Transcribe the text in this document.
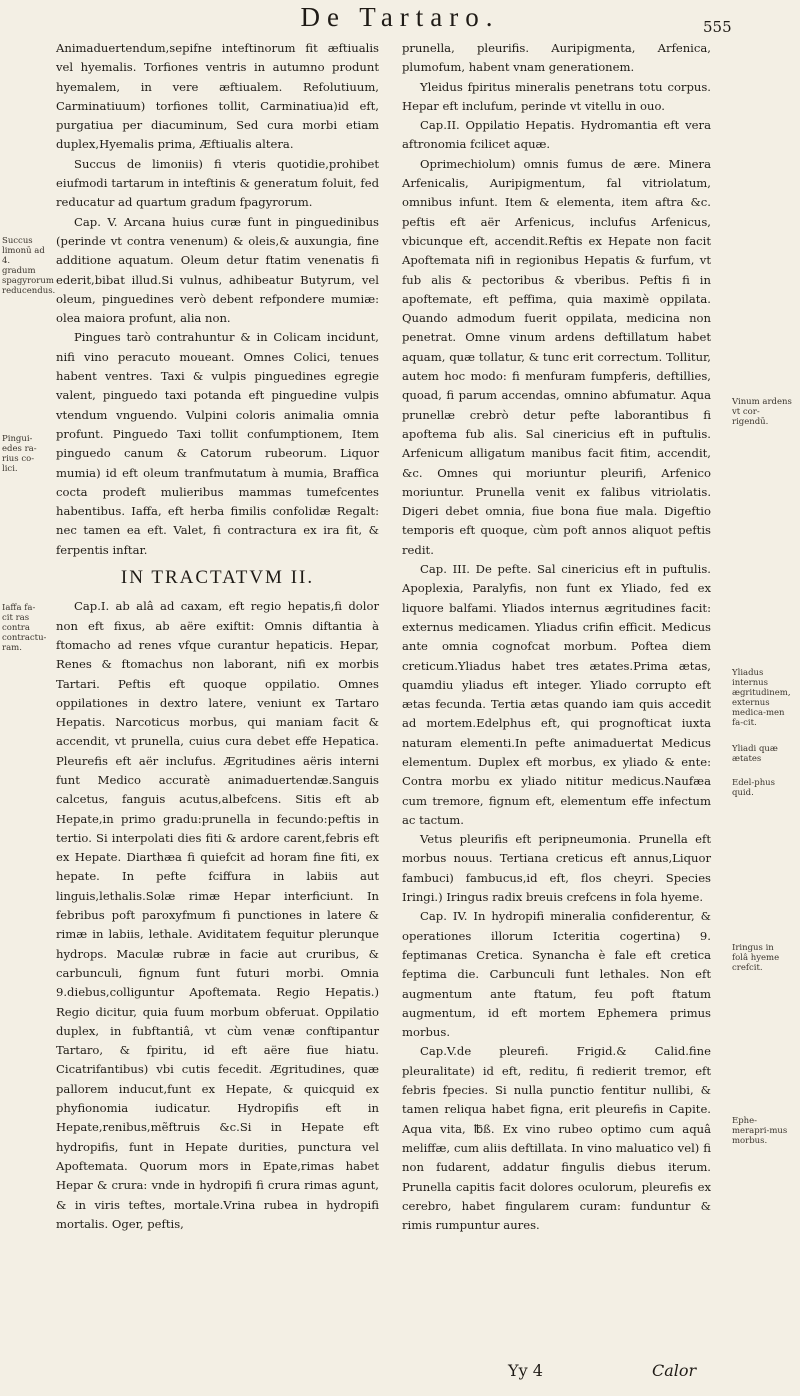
De Tartaro.	555

Animaduertendum,sepifne inteftinorum fit æftiualis vel hyemalis. Torfiones ventris in autumno produnt hyemalem, in vere æftiualem. Refolutiuum, Carminatiuum) torfiones tollit, Carminatiua)id eft, purgatiua per diacuminum, Sed cura morbi etiam duplex,Hyemalis prima, Æftiualis altera.

Succus de limoniis) fi vteris quotidie,prohibet eiufmodi tartarum in inteftinis & generatum foluit, fed reducatur ad quartum gradum fpagyrorum.

Cap. V. Arcana huius curæ funt in pinguedinibus (perinde vt contra venenum) & oleis,& auxungia, fine additione aquatum. Oleum detur ftatim venenatis fi ederit,bibat illud.Si vulnus, adhibeatur Butyrum, vel oleum, pinguedines verò debent refpondere mumiæ: olea maiora profunt, alia non.

Pingues tarò contrahuntur & in Colicam incidunt, nifi vino peracuto moueant. Omnes Colici, tenues habent ventres. Taxi & vulpis pinguedines egregie valent, pinguedo taxi potanda eft pinguedine vulpis vtendum vnguendo. Vulpini coloris animalia omnia profunt. Pinguedo Taxi tollit confumptionem, Item pinguedo canum & Catorum rubeorum. Liquor mumia) id eft oleum tranfmutatum à mumia, Braffica cocta prodeft mulieribus mammas tumefcentes habentibus. Iaffa, eft herba fimilis confolidæ Regalt: nec tamen ea eft. Valet, fi contractura ex ira fit, & ferpentis inftar.

IN TRACTATVM II.

Cap.I. ab alâ ad caxam, eft regio hepatis,fi dolor non eft fixus, ab aëre exiftit: Omnis diftantia à ftomacho ad renes vfque curantur hepaticis. Hepar, Renes & ftomachus non laborant, nifi ex morbis Tartari. Peftis eft quoque oppilatio. Omnes oppilationes in dextro latere, veniunt ex Tartaro Hepatis. Narcoticus morbus, qui maniam facit & accendit, vt prunella, cuius cura debet effe Hepatica. Pleurefis eft aër inclufus. Ægritudines aëris interni funt Medico accuratè animaduertendæ.Sanguis calcetus, fanguis acutus,albefcens. Sitis eft ab Hepate,in primo gradu:prunella in fecundo:peftis in tertio. Si interpolati dies fiti & ardore carent,febris eft ex Hepate. Diarthæa fi quiefcit ad horam fine fiti, ex hepate. In pefte fciffura in labiis aut linguis,lethalis.Solæ rimæ Hepar interficiunt. In febribus poft paroxyfmum fi punctiones in latere & rimæ in labiis, lethale. Aviditatem fequitur plerunque hydrops. Maculæ rubræ in facie aut cruribus, & carbunculi, fignum funt futuri morbi. Omnia 9.diebus,colliguntur Apoftemata. Regio Hepatis.) Regio dicitur, quia fuum morbum obferuat. Oppilatio duplex, in fubftantiâ, vt cùm venæ conftipantur Tartaro, & fpiritu, id eft aëre fiue hiatu. Cicatrifantibus) vbi cutis fecedit. Ægritudines, quæ pallorem inducut,funt ex Hepate, & quicquid ex phyfionomia iudicatur. Hydropifis eft in Hepate,renibus,mẽftruis &c.Si in Hepate eft hydropifis, funt in Hepate durities, punctura vel Apoftemata. Quorum mors in Epate,rimas habet Hepar & crura: vnde in hydropifi fi crura rimas agunt, & in viris teftes, mortale.Vrina rubea in hydropifi mortalis. Oger, peftis,

prunella, pleurifis. Auripigmenta, Arfenica, plumofum, habent vnam generationem.

Yleidus fpiritus mineralis penetrans totu corpus. Hepar eft inclufum, perinde vt vitellu in ouo.

Cap.II. Oppilatio Hepatis. Hydromantia eft vera aftronomia fcilicet aquæ.

Oprimechiolum) omnis fumus de ære. Minera Arfenicalis, Auripigmentum, fal vitriolatum, omnibus infunt. Item & elementa, item aftra &c. peftis eft aër Arfenicus, inclufus Arfenicus, vbicunque eft, accendit.Reftis ex Hepate non facit Apoftemata nifi in regionibus Hepatis & furfum, vt fub alis & pectoribus & vberibus. Peftis fi in apoftemate, eft peffima, quia maximè oppilata. Quando admodum fuerit oppilata, medicina non penetrat. Omne vinum ardens deftillatum habet aquam, quæ tollatur, & tunc erit correctum. Tollitur, autem hoc modo: fi menfuram fumpferis, deftillies, quoad, fi parum accendas, omnino abfumatur. Aqua prunellæ crebrò detur pefte laborantibus fi apoftema fub alis. Sal cinericius eft in puftulis. Arfenicum alligatum manibus facit fitim, accendit, &c. Omnes qui moriuntur pleurifi, Arfenico moriuntur. Prunella venit ex falibus vitriolatis. Digeri debet omnia, fiue bona fiue mala. Digeftio temporis eft quoque, cùm poft annos aliquot peftis redit.

Cap. III. De pefte. Sal cinericius eft in puftulis. Apoplexia, Paralyfis, non funt ex Yliado, fed ex liquore balfami. Yliados internus ægritudines facit: externus medicamen. Yliadus crifin efficit. Medicus ante omnia cognofcat morbum. Poftea diem creticum.Yliadus habet tres ætates.Prima ætas, quamdiu yliadus eft integer. Yliado corrupto eft ætas fecunda. Tertia ætas quando iam quis accedit ad mortem.Edelphus eft, qui prognofticat iuxta naturam elementi.In pefte animaduertat Medicus elementum. Duplex eft morbus, ex yliado & ente: Contra morbu ex yliado nititur medicus.Naufæa cum tremore, fignum eft, elementum effe infectum ac tactum.

Vetus pleurifis eft peripneumonia. Prunella eft morbus nouus. Tertiana creticus eft annus,Liquor fambuci) fambucus,id eft, flos cheyri. Species Iringi.) Iringus radix breuis crefcens in fola hyeme.

Cap. IV. In hydropifi mineralia confiderentur, & operationes illorum Icteritia cogertina) 9. feptimanas Cretica. Synancha è fale eft cretica feptima die. Carbunculi funt lethales. Non eft augmentum ante ftatum, feu poft ftatum augmentum, id eft mortem Ephemera primus morbus.

Cap.V.de pleurefi. Frigid.& Calid.fine pleuralitate) id eft, reditu, fi redierit tremor, eft febris fpecies. Si nulla punctio fentitur nullibi, & tamen reliqua habet figna, erit pleurefis in Capite. Aqua vita, ℔ß. Ex vino rubeo optimo cum aquâ meliffæ, cum aliis deftillata. In vino maluatico vel) fi non fudarent, addatur fingulis diebus iterum. Prunella capitis facit dolores oculorum, pleurefis ex cerebro, habet fingularem curam: funduntur & rimis rumpuntur aures.

Succus limonū ad 4. gradum spagyrorum reducendus.
Pingui-edes ra-rius co-lici.
Iaffa fa-cit ras contra contractu-ram.
Vinum ardens vt cor-rigendū.
Yliadus internus ægritudinem, externus medica-men fa-cit.
Yliadi quæ ætates
Edel-phus quid.
Iringus in folâ hyeme crefcit.
Ephe-merapri-mus morbus.
Yy 4	Calor
